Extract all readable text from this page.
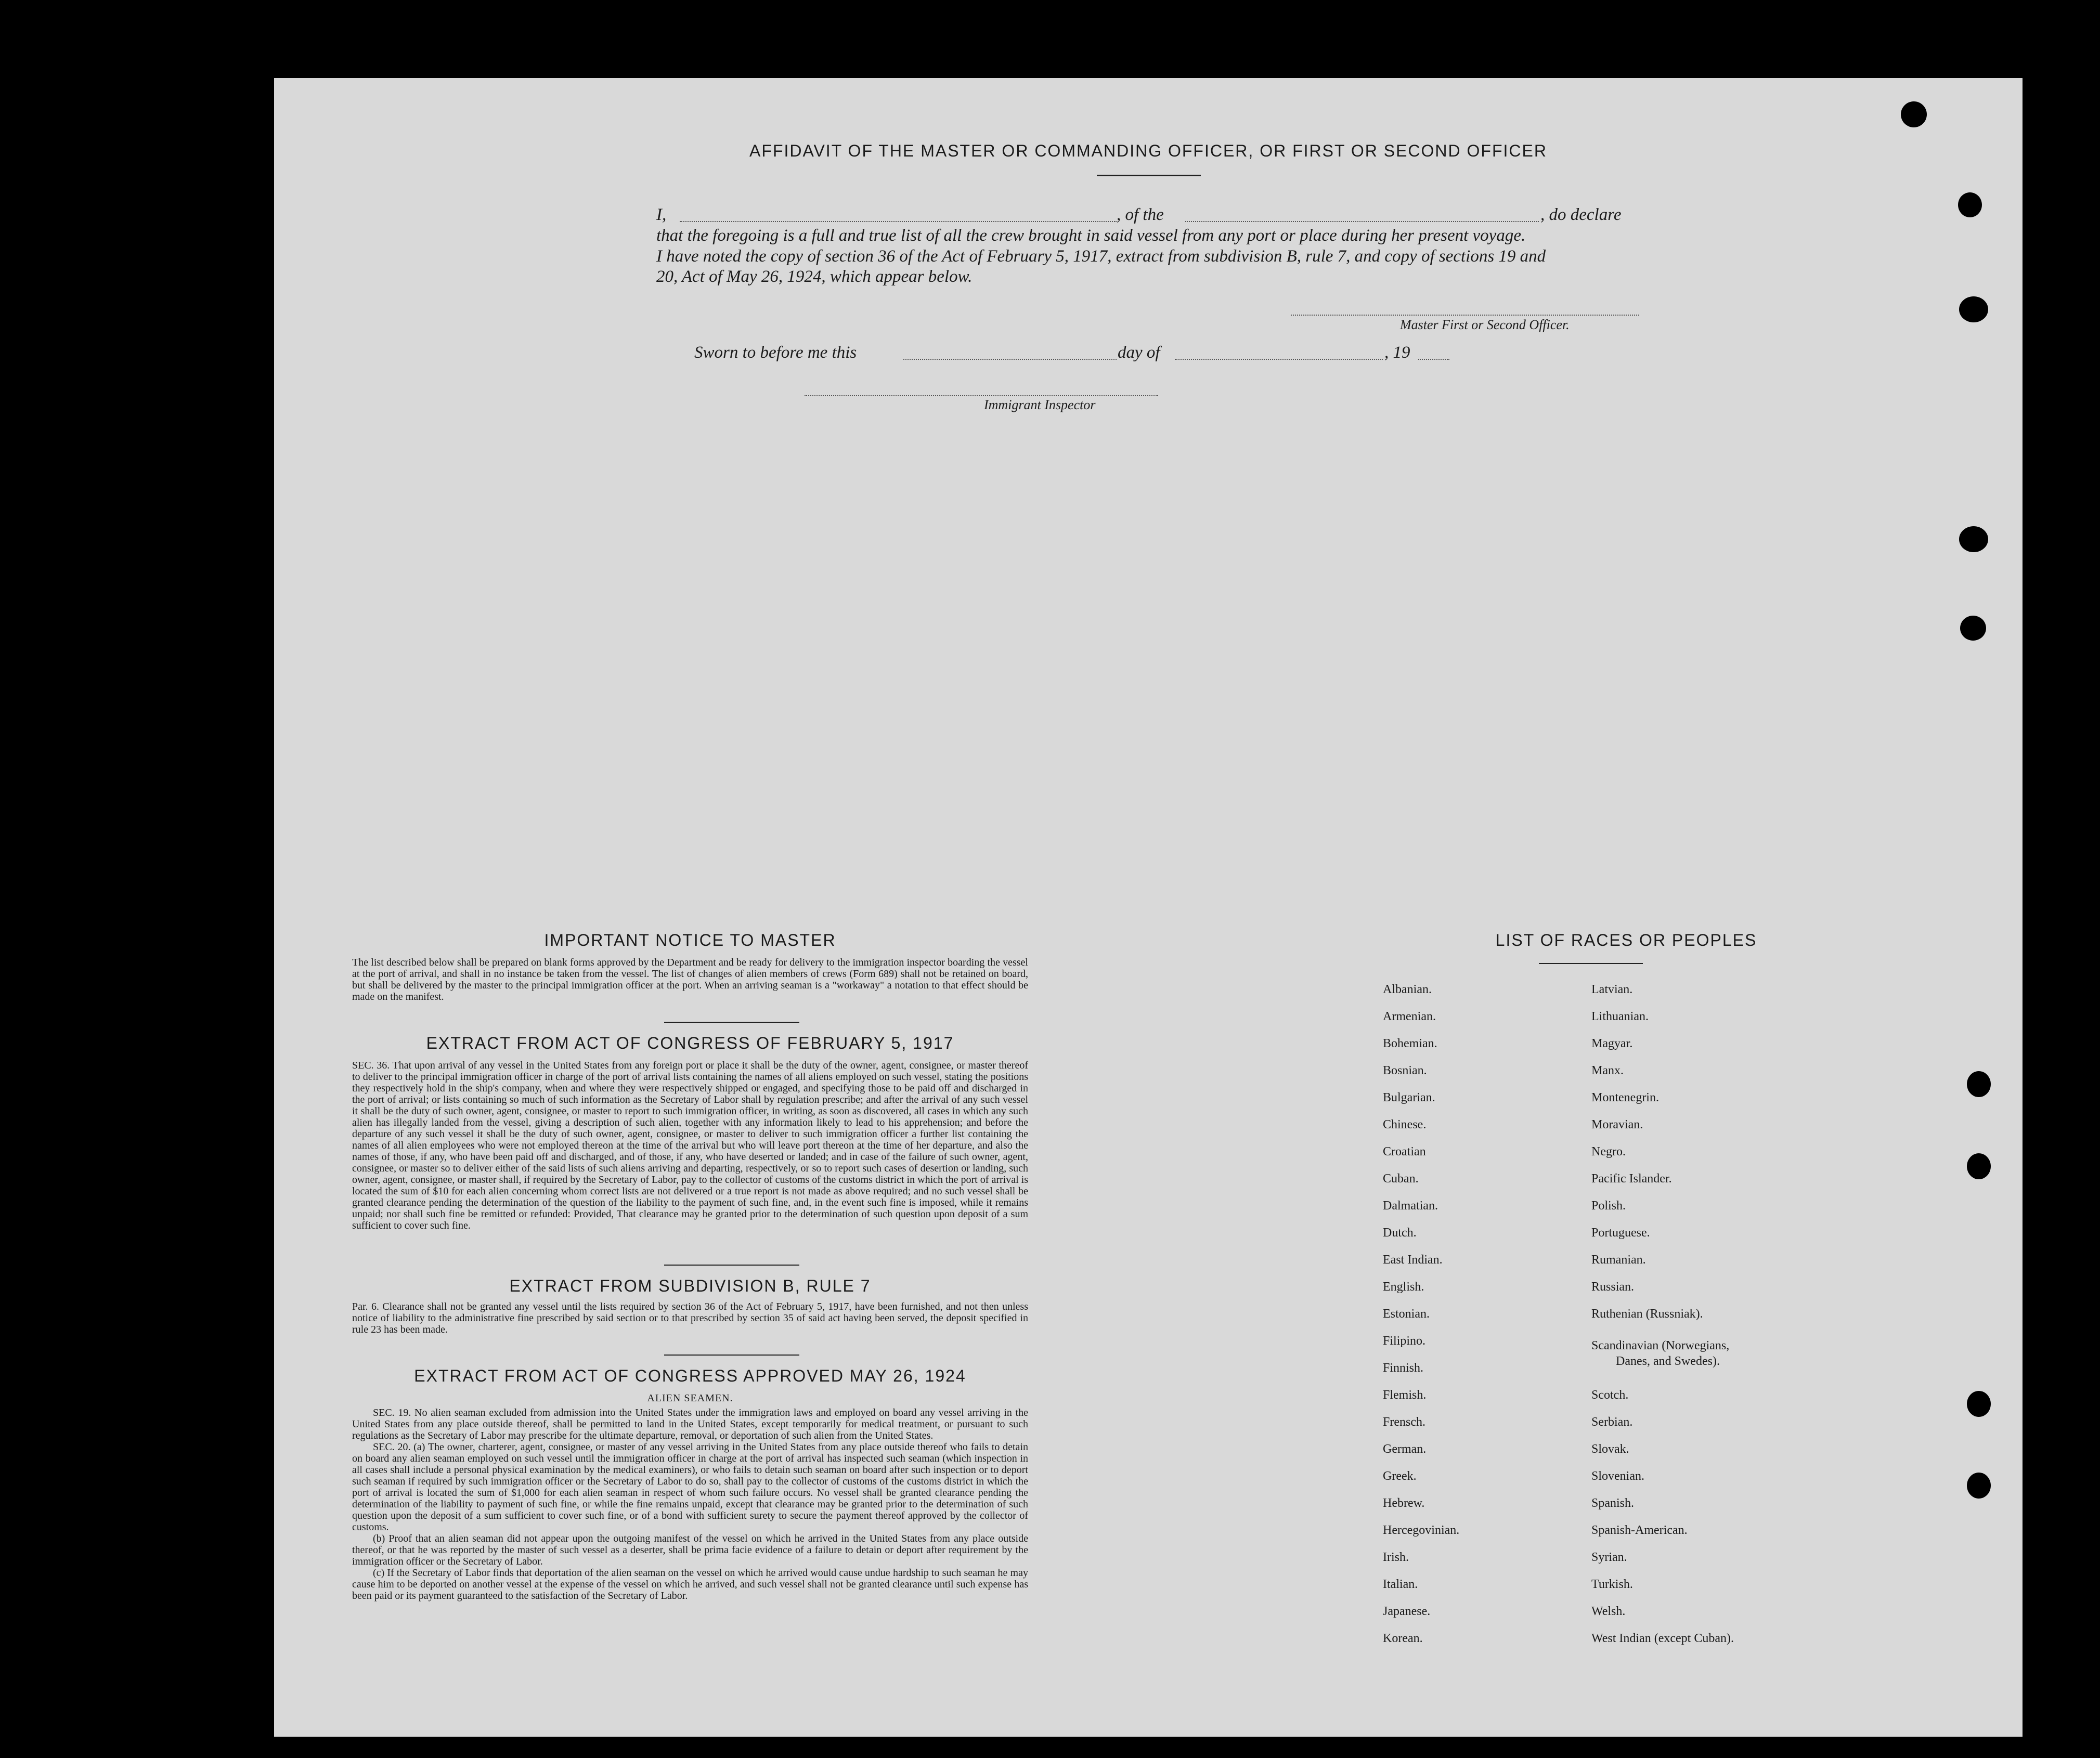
AFFIDAVIT OF THE MASTER OR COMMANDING OFFICER, OR FIRST OR SECOND OFFICER
I,	, of the	, do declare
that the foregoing is a full and true list of all the crew brought in said vessel from any port or place during her present voyage.
I have noted the copy of section 36 of the Act of February 5, 1917, extract from subdivision B, rule 7, and copy of sections 19 and
20, Act of May 26, 1924, which appear below.
Master First or Second Officer.
Sworn to before me this	day of	, 19
Immigrant Inspector
IMPORTANT NOTICE TO MASTER
The list described below shall be prepared on blank forms approved by the Department and be ready for delivery to the immigration inspector boarding the vessel at the port of arrival, and shall in no instance be taken from the vessel. The list of changes of alien members of crews (Form 689) shall not be retained on board, but shall be delivered by the master to the principal immigration officer at the port. When an arriving seaman is a "workaway" a notation to that effect should be made on the manifest.
EXTRACT FROM ACT OF CONGRESS OF FEBRUARY 5, 1917
SEC. 36. That upon arrival of any vessel in the United States from any foreign port or place it shall be the duty of the owner, agent, consignee, or master thereof to deliver to the principal immigration officer in charge of the port of arrival lists containing the names of all aliens employed on such vessel, stating the positions they respectively hold in the ship's company, when and where they were respectively shipped or engaged, and specifying those to be paid off and discharged in the port of arrival; or lists containing so much of such information as the Secretary of Labor shall by regulation prescribe; and after the arrival of any such vessel it shall be the duty of such owner, agent, consignee, or master to report to such immigration officer, in writing, as soon as discovered, all cases in which any such alien has illegally landed from the vessel, giving a description of such alien, together with any information likely to lead to his apprehension; and before the departure of any such vessel it shall be the duty of such owner, agent, consignee, or master to deliver to such immigration officer a further list containing the names of all alien employees who were not employed thereon at the time of the arrival but who will leave port thereon at the time of her departure, and also the names of those, if any, who have been paid off and discharged, and of those, if any, who have deserted or landed; and in case of the failure of such owner, agent, consignee, or master so to deliver either of the said lists of such aliens arriving and departing, respectively, or so to report such cases of desertion or landing, such owner, agent, consignee, or master shall, if required by the Secretary of Labor, pay to the collector of customs of the customs district in which the port of arrival is located the sum of $10 for each alien concerning whom correct lists are not delivered or a true report is not made as above required; and no such vessel shall be granted clearance pending the determination of the question of the liability to the payment of such fine, and, in the event such fine is imposed, while it remains unpaid; nor shall such fine be remitted or refunded: Provided, That clearance may be granted prior to the determination of such question upon deposit of a sum sufficient to cover such fine.
EXTRACT FROM SUBDIVISION B, RULE 7
Par. 6. Clearance shall not be granted any vessel until the lists required by section 36 of the Act of February 5, 1917, have been furnished, and not then unless notice of liability to the administrative fine prescribed by said section or to that prescribed by section 35 of said act having been served, the deposit specified in rule 23 has been made.
EXTRACT FROM ACT OF CONGRESS APPROVED MAY 26, 1924
ALIEN SEAMEN.
SEC. 19. No alien seaman excluded from admission into the United States under the immigration laws and employed on board any vessel arriving in the United States from any place outside thereof, shall be permitted to land in the United States, except temporarily for medical treatment, or pursuant to such regulations as the Secretary of Labor may prescribe for the ultimate departure, removal, or deportation of such alien from the United States.
SEC. 20. (a) The owner, charterer, agent, consignee, or master of any vessel arriving in the United States from any place outside thereof who fails to detain on board any alien seaman employed on such vessel until the immigration officer in charge at the port of arrival has inspected such seaman (which inspection in all cases shall include a personal physical examination by the medical examiners), or who fails to detain such seaman on board after such inspection or to deport such seaman if required by such immigration officer or the Secretary of Labor to do so, shall pay to the collector of customs of the customs district in which the port of arrival is located the sum of $1,000 for each alien seaman in respect of whom such failure occurs. No vessel shall be granted clearance pending the determination of the liability to payment of such fine, or while the fine remains unpaid, except that clearance may be granted prior to the determination of such question upon the deposit of a sum sufficient to cover such fine, or of a bond with sufficient surety to secure the payment thereof approved by the collector of customs.
(b) Proof that an alien seaman did not appear upon the outgoing manifest of the vessel on which he arrived in the United States from any place outside thereof, or that he was reported by the master of such vessel as a deserter, shall be prima facie evidence of a failure to detain or deport after requirement by the immigration officer or the Secretary of Labor.
(c) If the Secretary of Labor finds that deportation of the alien seaman on the vessel on which he arrived would cause undue hardship to such seaman he may cause him to be deported on another vessel at the expense of the vessel on which he arrived, and such vessel shall not be granted clearance until such expense has been paid or its payment guaranteed to the satisfaction of the Secretary of Labor.
LIST OF RACES OR PEOPLES
Albanian.
Armenian.
Bohemian.
Bosnian.
Bulgarian.
Chinese.
Croatian
Cuban.
Dalmatian.
Dutch.
East Indian.
English.
Estonian.
Filipino.
Finnish.
Flemish.
Frensch.
German.
Greek.
Hebrew.
Hercegovinian.
Irish.
Italian.
Japanese.
Korean.
Latvian.
Lithuanian.
Magyar.
Manx.
Montenegrin.
Moravian.
Negro.
Pacific Islander.
Polish.
Portuguese.
Rumanian.
Russian.
Ruthenian (Russniak).
Scandinavian (Norwegians,
Danes, and Swedes).
Scotch.
Serbian.
Slovak.
Slovenian.
Spanish.
Spanish-American.
Syrian.
Turkish.
Welsh.
West Indian (except Cuban).
